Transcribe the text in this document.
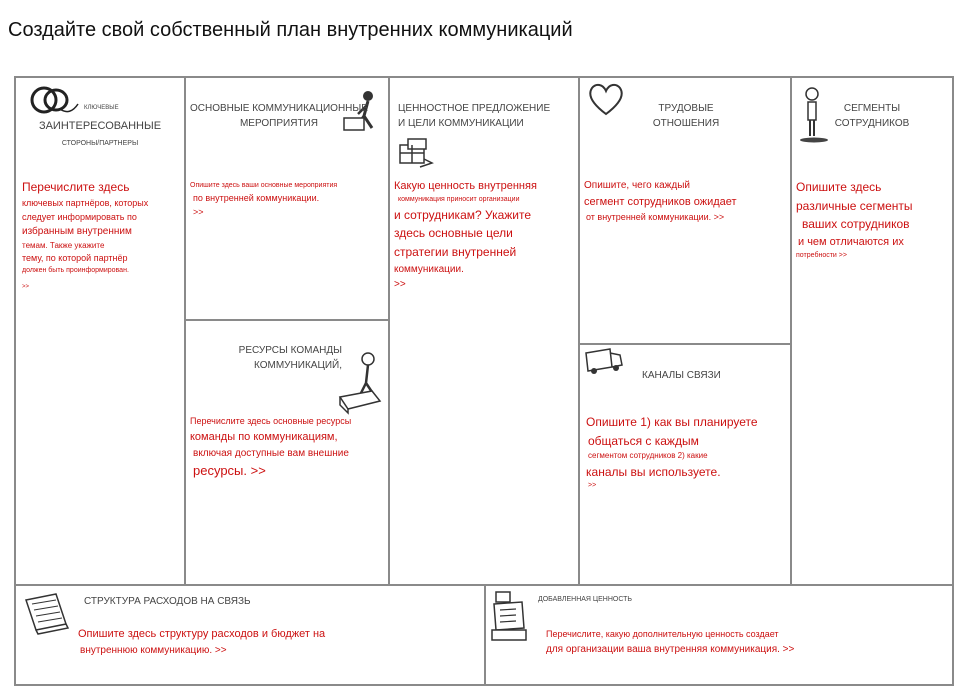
Создайте свой собственный план внутренних коммуникаций
КЛЮЧЕВЫЕ
ЗАИНТЕРЕСОВАННЫЕ
СТОРОНЫ/ПАРТНЕРЫ
Перечислите здесь
ключевых партнёров, которых
следует информировать по
избранным внутренним
темам. Также укажите
тему, по которой партнёр
должен быть проинформирован.
>>
ОСНОВНЫЕ КОММУНИКАЦИОННЫЕ
МЕРОПРИЯТИЯ
Опишите здесь ваши основные мероприятия
по внутренней коммуникации.
>>
РЕСУРСЫ КОМАНДЫ
КОММУНИКАЦИЙ,
Перечислите здесь основные ресурсы
команды по коммуникациям,
включая доступные вам внешние
ресурсы. >>
ЦЕННОСТНОЕ ПРЕДЛОЖЕНИЕ
И ЦЕЛИ КОММУНИКАЦИИ
Какую ценность внутренняя
коммуникация приносит организации
и сотрудникам? Укажите
здесь основные цели
стратегии внутренней
коммуникации.
>>
ТРУДОВЫЕ
ОТНОШЕНИЯ
Опишите, чего каждый
сегмент сотрудников ожидает
от внутренней коммуникации. >>
КАНАЛЫ СВЯЗИ
Опишите 1) как вы планируете
общаться с каждым
сегментом сотрудников 2) какие
каналы вы используете.
>>
СЕГМЕНТЫ
СОТРУДНИКОВ
Опишите здесь
различные сегменты
ваших сотрудников
и чем отличаются их
потребности >>
СТРУКТУРА РАСХОДОВ НА СВЯЗЬ
Опишите здесь структуру расходов и бюджет на
внутреннюю коммуникацию. >>
ДОБАВЛЕННАЯ ЦЕННОСТЬ
Перечислите, какую дополнительную ценность создает
для организации ваша внутренняя коммуникация. >>
